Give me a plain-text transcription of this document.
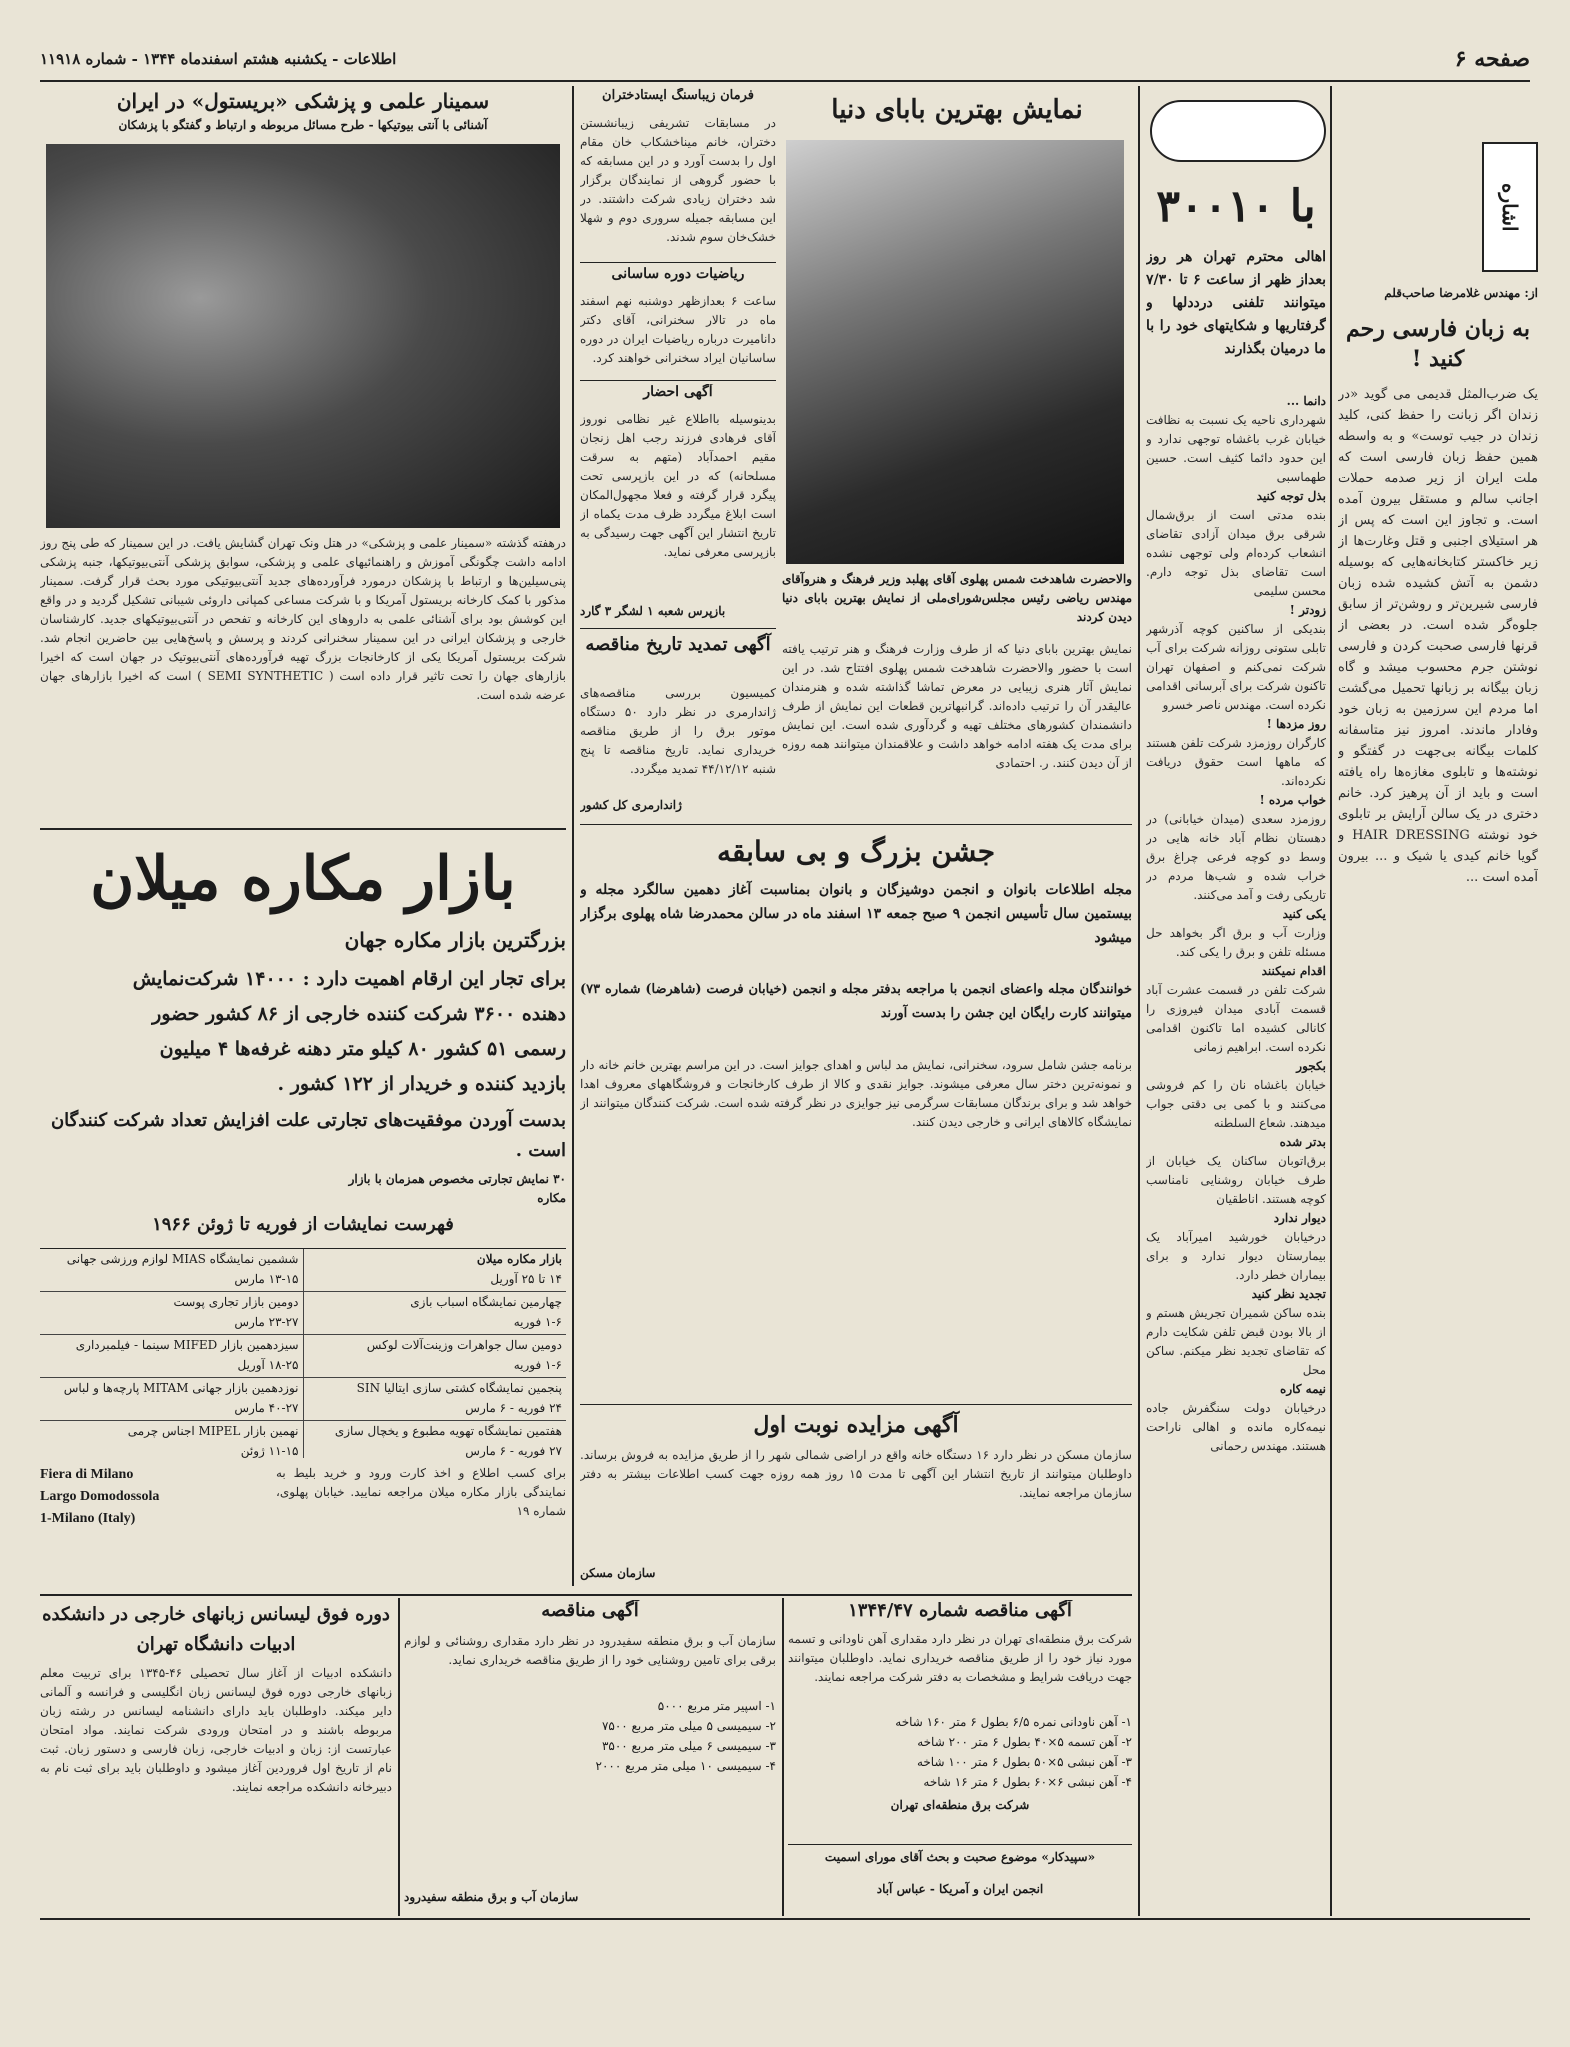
صفحه ۶
اطلاعات - یکشنبه هشتم اسفندماه ۱۳۴۴ - شماره ۱۱۹۱۸
اشاره
از: مهندس غلامرضا صاحب‌قلم
به زبان فارسی رحم کنید !
یک ضرب‌المثل قدیمی می گوید «در زندان اگر زبانت را حفظ کنی، کلید زندان در جیب توست» و به واسطه همین حفظ زبان فارسی است که ملت ایران از زیر صدمه حملات اجانب سالم و مستقل بیرون آمده است. و تجاوز این است که پس از هر استیلای اجنبی و قتل وغارت‌ها از زیر خاکستر کتابخانه‌هایی که بوسیله دشمن به آتش کشیده شده زبان فارسی شیرین‌تر و روشن‌تر از سابق جلوه‌گر شده است. در بعضی از قرنها فارسی صحبت کردن و فارسی نوشتن جرم محسوب میشد و گاه زبان بیگانه بر زبانها تحمیل می‌گشت اما مردم این سرزمین به زبان خود وفادار ماندند. امروز نیز متاسفانه کلمات بیگانه بی‌جهت در گفتگو و نوشته‌ها و تابلوی مغازه‌ها راه یافته است و باید از آن پرهیز کرد. خانم دختری در یک سالن آرایش بر تابلوی خود نوشته HAIR DRESSING و گویا خانم کیدی یا شیک و ... بیرون آمده است ...
با ۳۰۰۱۰
اهالی محترم تهران هر روز بعداز ظهر از ساعت ۶ تا ۷/۳۰ میتوانند تلفنی درددلها و گرفتاریها و شکایتهای خود را با ما درمیان بگذارند
دانما ...
شهرداری ناحیه یک نسبت به نظافت خیابان غرب باغشاه توجهی ندارد و این حدود دائما کثیف است. حسین طهماسبی
بذل توجه کنید
بنده مدتی است از برق‌شمال شرقی برق میدان آزادی تقاضای انشعاب کرده‌ام ولی توجهی نشده است تقاضای بذل توجه دارم. محسن سلیمی
زودتر !
بندیکی از ساکنین کوچه آذرشهر تابلی ستونی روزانه شرکت برای آب شرکت نمی‌کنم و اصفهان تهران تاکنون شرکت برای آبرسانی اقدامی نکرده است. مهندس ناصر خسرو
روز مزدها !
کارگران روزمزد شرکت تلفن هستند که ماهها است حقوق دریافت نکرده‌اند.
خواب مرده !
روزمزد سعدی (میدان خیابانی) در دهستان نظام آباد خانه هایی در وسط دو کوچه فرعی چراغ برق خراب شده و شب‌ها مردم در تاریکی رفت و آمد می‌کنند.
یکی کنید
وزارت آب و برق اگر بخواهد حل مسئله تلفن و برق را یکی کند.
اقدام نمیکنند
شرکت تلفن در قسمت عشرت آباد قسمت آبادی میدان فیروزی را کانالی کشیده اما تاکنون اقدامی نکرده است. ابراهیم زمانی
بکجور
خیابان باغشاه نان را کم فروشی می‌کنند و با کمی بی دقتی جواب میدهند. شعاع السلطنه
بدتر شده
برق‌اتوبان ساکنان یک خیابان از طرف خیابان روشنایی نامناسب کوچه هستند. اناطقیان
دیوار ندارد
درخیابان خورشید امیرآباد یک بیمارستان دیوار ندارد و برای بیماران خطر دارد.
تجدید نظر کنید
بنده ساکن شمیران تجریش هستم و از بالا بودن قبض تلفن شکایت دارم که تقاضای تجدید نظر میکنم. ساکن محل
نیمه کاره
درخیابان دولت سنگفرش جاده نیمه‌کاره مانده و اهالی ناراحت هستند. مهندس رحمانی
نمایش بهترین بابای دنیا
والاحضرت شاهدخت شمس پهلوی آقای پهلبد وزیر فرهنگ و هنروآقای مهندس ریاضی رئیس مجلس‌شورای‌ملی از نمایش بهترین بابای دنیا دیدن کردند
نمایش بهترین بابای دنیا که از طرف وزارت فرهنگ و هنر ترتیب یافته است با حضور والاحضرت شاهدخت شمس پهلوی افتتاح شد. در این نمایش آثار هنری زیبایی در معرض تماشا گذاشته شده و هنرمندان عالیقدر آن را ترتیب داده‌اند. گرانبهاترین قطعات این نمایش از طرف دانشمندان کشورهای مختلف تهیه و گردآوری شده است. این نمایش برای مدت یک هفته ادامه خواهد داشت و علاقمندان میتوانند همه روزه از آن دیدن کنند. ر. احتمادی
فرمان زیباسنگ ایستادختران
در مسابقات تشریفی زیبانشستن دختران، خانم میناخشکاب خان مقام اول را بدست آورد و در این مسابقه که با حضور گروهی از نمایندگان برگزار شد دختران زیادی شرکت داشتند. در این مسابقه جمیله سروری دوم و شهلا خشک‌خان سوم شدند.
ریاضیات دوره ساسانی
ساعت ۶ بعدازظهر دوشنبه نهم اسفند ماه در تالار سخنرانی، آقای دکتر دانامیرت درباره ریاضیات ایران در دوره ساسانیان ایراد سخنرانی خواهند کرد.
آگهی احضار
بدینوسیله بااطلاع غیر نظامی نوروز آقای فرهادی فرزند رجب اهل زنجان مقیم احمدآباد (متهم به سرقت مسلحانه) که در این بازپرسی تحت پیگرد قرار گرفته و فعلا مجهول‌المکان است ابلاغ میگردد ظرف مدت یکماه از تاریخ انتشار این آگهی جهت رسیدگی به بازپرسی معرفی نماید.
بازپرس شعبه ۱ لشگر ۳ گارد
آگهی تمدید تاریخ مناقصه
کمیسیون بررسی مناقصه‌های ژاندارمری در نظر دارد ۵۰ دستگاه موتور برق را از طریق مناقصه خریداری نماید. تاریخ مناقصه تا پنج شنبه ۴۴/۱۲/۱۲ تمدید میگردد.
ژاندارمری کل کشور
سمینار علمی و پزشکی «بریستول» در ایران
آشنائی با آنتی بیوتیکها - طرح مسائل مربوطه و ارتباط و گفتگو با پزشکان
درهفته گذشته «سمینار علمی و پزشکی» در هتل ونک تهران گشایش یافت. در این سمینار که طی پنج روز ادامه داشت چگونگی آموزش و راهنمائیهای علمی و پزشکی، سوابق پزشکی آنتی‌بیوتیکها، جنبه پزشکی پنی‌سیلین‌ها و ارتباط با پزشکان درمورد فرآورده‌های جدید آنتی‌بیوتیکی مورد بحث قرار گرفت. سمینار مذکور با کمک کارخانه بریستول آمریکا و با شرکت مساعی کمپانی داروئی شیبانی تشکیل گردید و در واقع این کوشش بود برای آشنائی علمی به داروهای این کارخانه و تفحص در آنتی‌بیوتیکهای جدید. کارشناسان خارجی و پزشکان ایرانی در این سمینار سخنرانی کردند و پرسش و پاسخ‌هایی بین حاضرین انجام شد. شرکت بریستول آمریکا یکی از کارخانجات بزرگ تهیه فرآورده‌های آنتی‌بیوتیک در جهان است که اخیرا بازارهای جهان را تحت تاثیر قرار داده است ( SEMI SYNTHETIC ) است که اخیرا بازارهای جهان عرضه شده است.
بازار مکاره میلان
بزرگترین بازار مکاره جهان
برای تجار این ارقام اهمیت دارد : ۱۴۰۰۰ شرکت‌نمایش
دهنده ۳۶۰۰ شرکت کننده خارجی از ۸۶ کشور حضور
رسمی ۵۱ کشور ۸۰ کیلو متر دهنه غرفه‌ها ۴ میلیون
بازدید کننده و خریدار از ۱۲۲ کشور .
بدست آوردن موفقیت‌های تجارتی علت افزایش تعداد شرکت کنندگان است .
۳۰ نمایش تجارتی مخصوص همزمان با بازار مکاره
فهرست نمایشات از فوریه تا ژوئن ۱۹۶۶
بازار مکاره میلان
۱۴ تا ۲۵ آوریل
ششمین نمایشگاه MIAS لوازم ورزشی جهانی
۱۳-۱۵ مارس
چهارمین نمایشگاه اسباب بازی
۱-۶ فوریه
دومین بازار تجاری پوست
۲۳-۲۷ مارس
دومین سال جواهرات وزینت‌آلات لوکس
۱-۶ فوریه
سیزدهمین بازار MIFED سینما - فیلمبرداری
۱۸-۲۵ آوریل
پنجمین نمایشگاه کشتی سازی ایتالیا SIN
۲۴ فوریه - ۶ مارس
نوزدهمین بازار جهانی MITAM پارچه‌ها و لباس
۴۰-۲۷ مارس
هفتمین نمایشگاه تهویه مطبوع و یخچال سازی
۲۷ فوریه - ۶ مارس
نهمین بازار MIPEL اجناس چرمی
۱۱-۱۵ ژوئن
Fiera di Milano
Largo Domodossola
1-Milano (Italy)
برای کسب اطلاع و اخذ کارت ورود و خرید بلیط به نمایندگی بازار مکاره میلان مراجعه نمایید. خیابان پهلوی، شماره ۱۹
جشن بزرگ و بی سابقه
مجله اطلاعات بانوان و انجمن دوشیزگان و بانوان بمناسبت آغاز دهمین سالگرد مجله و بیستمین سال تأسیس انجمن ۹ صبح جمعه ۱۳ اسفند ماه در سالن محمدرضا شاه پهلوی برگزار میشود
خوانندگان مجله واعضای انجمن با مراجعه بدفتر مجله و انجمن (خیابان فرصت (شاهرضا) شماره ۷۳) میتوانند کارت رایگان این جشن را بدست آورند
برنامه جشن شامل سرود، سخنرانی، نمایش مد لباس و اهدای جوایز است. در این مراسم بهترین خانم خانه دار و نمونه‌ترین دختر سال معرفی میشوند. جوایز نقدی و کالا از طرف کارخانجات و فروشگاههای معروف اهدا خواهد شد و برای برندگان مسابقات سرگرمی نیز جوایزی در نظر گرفته شده است. شرکت کنندگان میتوانند از نمایشگاه کالاهای ایرانی و خارجی دیدن کنند.
آگهی مزایده نوبت اول
سازمان مسکن در نظر دارد ۱۶ دستگاه خانه واقع در اراضی شمالی شهر را از طریق مزایده به فروش برساند. داوطلبان میتوانند از تاریخ انتشار این آگهی تا مدت ۱۵ روز همه روزه جهت کسب اطلاعات بیشتر به دفتر سازمان مراجعه نمایند.
سازمان مسکن
آگهی مناقصه شماره ۱۳۴۴/۴۷
شرکت برق منطقه‌ای تهران در نظر دارد مقداری آهن ناودانی و تسمه مورد نیاز خود را از طریق مناقصه خریداری نماید. داوطلبان میتوانند جهت دریافت شرایط و مشخصات به دفتر شرکت مراجعه نمایند.
۱- آهن ناودانی نمره ۶/۵ بطول ۶ متر ۱۶۰ شاخه
۲- آهن تسمه ۵×۴۰ بطول ۶ متر ۲۰۰ شاخه
۳- آهن نبشی ۵×۵۰ بطول ۶ متر ۱۰۰ شاخه
۴- آهن نبشی ۶×۶۰ بطول ۶ متر ۱۶ شاخه
شرکت برق منطقه‌ای تهران
«سپیدکار» موضوع صحبت و بحث آقای مورای اسمیت
انجمن ایران و آمریکا - عباس آباد
آگهی مناقصه
سازمان آب و برق منطقه سفیدرود در نظر دارد مقداری روشنائی و لوازم برقی برای تامین روشنایی خود را از طریق مناقصه خریداری نماید.
۱- اسپیر متر مربع ۵۰۰۰
۲- سیمیسی ۵ میلی متر مربع ۷۵۰۰
۳- سیمیسی ۶ میلی متر مربع ۳۵۰۰
۴- سیمیسی ۱۰ میلی متر مربع ۲۰۰۰
سازمان آب و برق منطقه سفیدرود
دوره فوق لیسانس زبانهای خارجی در دانشکده ادبیات دانشگاه تهران
دانشکده ادبیات از آغاز سال تحصیلی ۴۶-۱۳۴۵ برای تربیت معلم زبانهای خارجی دوره فوق لیسانس زبان انگلیسی و فرانسه و آلمانی دایر میکند. داوطلبان باید دارای دانشنامه لیسانس در رشته زبان مربوطه باشند و در امتحان ورودی شرکت نمایند. مواد امتحان عبارتست از: زبان و ادبیات خارجی، زبان فارسی و دستور زبان. ثبت نام از تاریخ اول فروردین آغاز میشود و داوطلبان باید برای ثبت نام به دبیرخانه دانشکده مراجعه نمایند.
